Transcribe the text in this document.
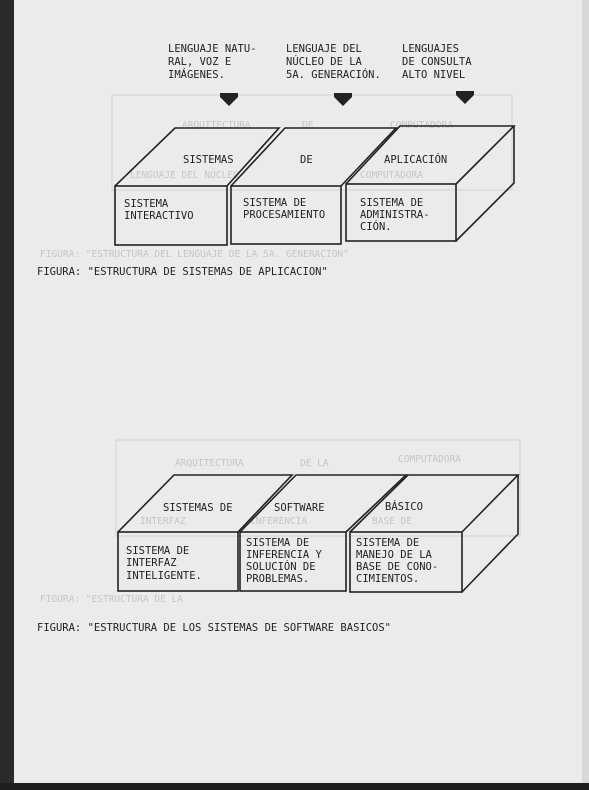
ARQUITECTURA	DE	COMPUTADORA
LENGUAJE DEL NÚCLEO	COMPUTADORA
FIGURA: "ESTRUCTURA DEL LENGUAJE DE LA 5A. GENERACION"
ARQUITECTURA	DE LA	COMPUTADORA
INTERFAZ	INFERENCIA	BASE DE
FIGURA: "ESTRUCTURA DE LA
LENGUAJE NATU-
RAL, VOZ E
IMÁGENES.
LENGUAJE DEL
NÚCLEO DE LA
5A. GENERACIÓN.
LENGUAJES
DE CONSULTA
ALTO NIVEL
SISTEMAS	DE	APLICACIÓN
SISTEMA
INTERACTIVO
SISTEMA DE
PROCESAMIENTO
SISTEMA DE
ADMINISTRA-
CIÓN.
FIGURA: "ESTRUCTURA DE SISTEMAS DE APLICACION"
SISTEMAS DE	SOFTWARE	BÁSICO
SISTEMA DE
INTERFAZ
INTELIGENTE.
SISTEMA DE
INFERENCIA Y
SOLUCIÓN DE
PROBLEMAS.
SISTEMA DE
MANEJO DE LA
BASE DE CONO-
CIMIENTOS.
FIGURA: "ESTRUCTURA DE LOS SISTEMAS DE SOFTWARE BASICOS"
